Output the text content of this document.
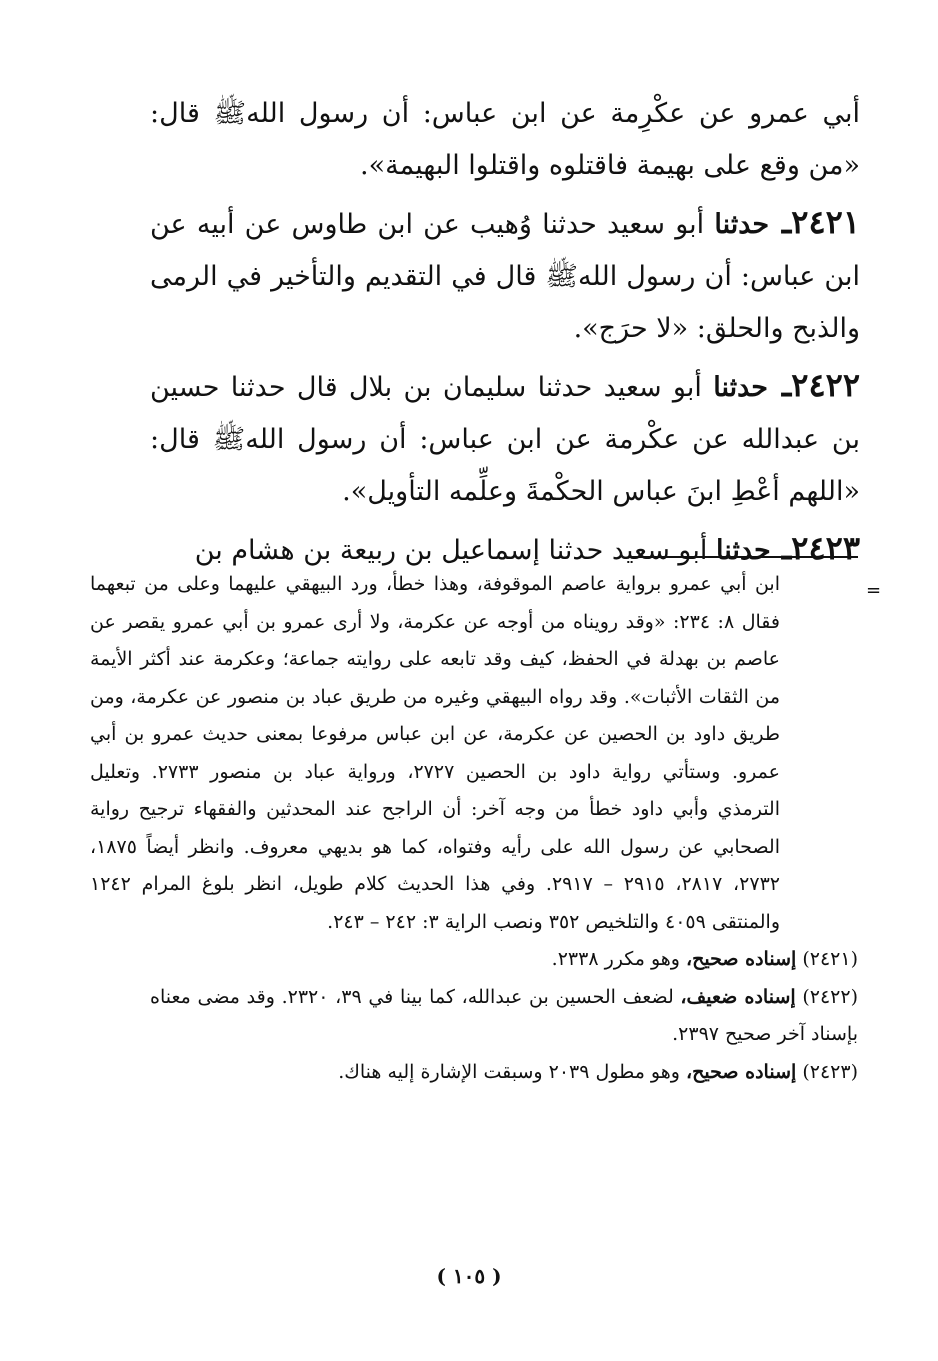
أبي عمرو عن عكْرِمة عن ابن عباس: أن رسول اللهﷺ قال: «من وقع على بهيمة فاقتلوه واقتلوا البهيمة».

٢٤٢١ـ حدثنا أبو سعيد حدثنا وُهيب عن ابن طاوس عن أبيه عن ابن عباس: أن رسول اللهﷺ قال في التقديم والتأخير في الرمى والذبح والحلق: «لا حرَج».

٢٤٢٢ـ حدثنا أبو سعيد حدثنا سليمان بن بلال قال حدثنا حسين بن عبدالله عن عكْرمة عن ابن عباس: أن رسول اللهﷺ قال: «اللهم أعْطِ ابنَ عباس الحكْمةَ وعلِّمه التأويل».

٢٤٢٣ـ حدثنا أبو سعيد حدثنا إسماعيل بن ربيعة بن هشام بن

=
ابن أبي عمرو برواية عاصم الموقوفة، وهذا خطأ، ورد البيهقي عليهما وعلى من تبعهما فقال ٨: ٢٣٤: «وقد رويناه من أوجه عن عكرمة، ولا أرى عمرو بن أبي عمرو يقصر عن عاصم بن بهدلة في الحفظ، كيف وقد تابعه على روايته جماعة؛ وعكرمة عند أكثر الأيمة من الثقات الأثبات». وقد رواه البيهقي وغيره من طريق عباد بن منصور عن عكرمة، ومن طريق داود بن الحصين عن عكرمة، عن ابن عباس مرفوعا بمعنى حديث عمرو بن أبي عمرو. وستأتي رواية داود بن الحصين ٢٧٢٧، ورواية عباد بن منصور ٢٧٣٣. وتعليل الترمذي وأبي داود خطأ من وجه آخر: أن الراجح عند المحدثين والفقهاء ترجيح رواية الصحابي عن رسول الله على رأيه وفتواه، كما هو بديهي معروف. وانظر أيضاً ١٨٧٥، ٢٧٣٢، ٢٨١٧، ٢٩١٥ – ٢٩١٧. وفي هذا الحديث كلام طويل، انظر بلوغ المرام ١٢٤٢ والمنتقى ٤٠٥٩ والتلخيص ٣٥٢ ونصب الراية ٣: ٢٤٢ – ٢٤٣.

(٢٤٢١) إسناده صحيح، وهو مكرر ٢٣٣٨.

(٢٤٢٢) إسناده ضعيف، لضعف الحسين بن عبدالله، كما بينا في ٣٩، ٢٣٢٠. وقد مضى معناه بإسناد آخر صحيح ٢٣٩٧.

(٢٤٢٣) إسناده صحيح، وهو مطول ٢٠٣٩ وسبقت الإشارة إليه هناك.

( ١٠٥ )
